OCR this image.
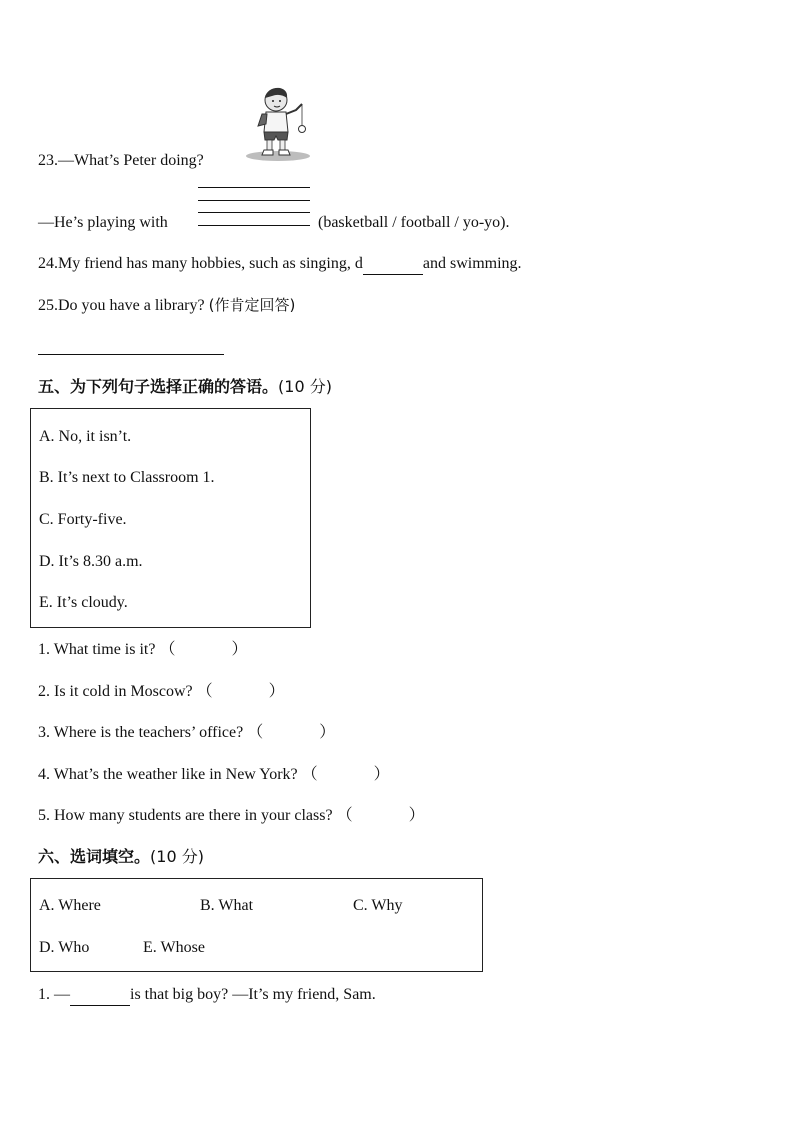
23.—What’s Peter doing?
—He’s playing with	(basketball / football / yo-yo).
24.My friend has many hobbies, such as singing, d	and swimming.
25.Do you have a library? (作肯定回答)
五、为下列句子选择正确的答语。(10 分)
A. No, it isn’t.
B. It’s next to Classroom 1.
C. Forty-five.
D. It’s 8.30 a.m.
E. It’s cloudy.
1. What time is it? （	）
2. Is it cold in Moscow? （	）
3. Where is the teachers’ office? （	）
4. What’s the weather like in New York? （	）
5. How many students are there in your class? （	）
六、选词填空。(10 分)
A. Where	B. What	C. Why
D. Who	E. Whose
1. —	is that big boy? —It’s my friend, Sam.
